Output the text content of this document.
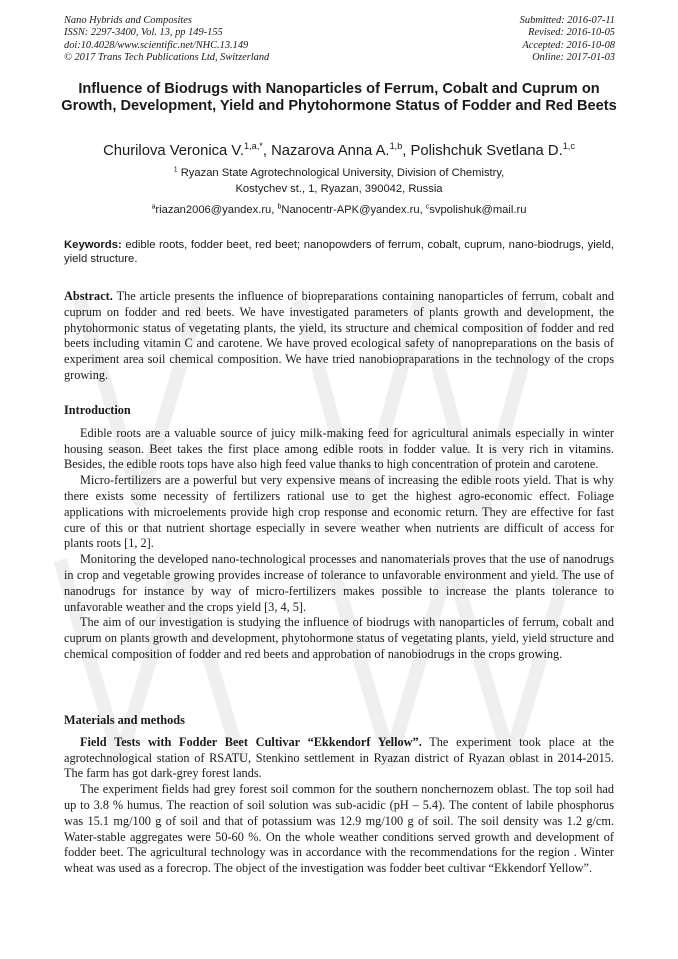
Nano Hybrids and Composites
ISSN: 2297-3400, Vol. 13, pp 149-155
doi:10.4028/www.scientific.net/NHC.13.149
© 2017 Trans Tech Publications Ltd, Switzerland
Submitted: 2016-07-11
Revised: 2016-10-05
Accepted: 2016-10-08
Online: 2017-01-03
Influence of Biodrugs with Nanoparticles of Ferrum, Cobalt and Cuprum on Growth, Development, Yield and Phytohormone Status of Fodder and Red Beets
Churilova Veronica V.$^{1,a,*}$, Nazarova Anna A.$^{1,b}$, Polishchuk Svetlana D.$^{1,c}$
$^1$ Ryazan State Agrotechnological University, Division of Chemistry,
Kostychev st., 1, Ryazan, 390042, Russia
$^a$riazan2006@yandex.ru, $^b$Nanocentr-APK@yandex.ru, $^c$svpolishuk@mail.ru

Keywords: edible roots, fodder beet, red beet; nanopowders of ferrum, cobalt, cuprum, nano-biodrugs, yield, yield structure.

Abstract. The article presents the influence of biopreparations containing nanoparticles of ferrum, cobalt and cuprum on fodder and red beets. We have investigated parameters of plants growth and development, the phytohormonic status of vegetating plants, the yield, its structure and chemical composition of fodder and red beets including vitamin C and carotene. We have proved ecological safety of nanopreparations on the basis of experiment area soil chemical composition. We have tried nanobiopraparations in the technology of the crops growing.

Introduction

Edible roots are a valuable source of juicy milk-making feed for agricultural animals especially in winter housing season. Beet takes the first place among edible roots in fodder value. It is very rich in vitamins. Besides, the edible roots tops have also high feed value thanks to high concentration of protein and carotene.

Micro-fertilizers are a powerful but very expensive means of increasing the edible roots yield. That is why there exists some necessity of fertilizers rational use to get the highest agro-economic effect. Foliage applications with microelements provide high crop response and economic return. They are effective for fast cure of this or that nutrient shortage especially in severe weather when nutrients are difficult of access for plants roots [1, 2].

Monitoring the developed nano-technological processes and nanomaterials proves that the use of nanodrugs in crop and vegetable growing provides increase of tolerance to unfavorable environment and yield. The use of nanodrugs for instance by way of micro-fertilizers makes possible to increase the plants tolerance to unfavorable weather and the crops yield [3, 4, 5].

The aim of our investigation is studying the influence of biodrugs with nanoparticles of ferrum, cobalt and cuprum on plants growth and development, phytohormone status of vegetating plants, yield, yield structure and chemical composition of fodder and red beets and approbation of nanobiodrugs in the crops growing.

Materials and methods

Field Tests with Fodder Beet Cultivar “Ekkendorf Yellow”. The experiment took place at the agrotechnological station of RSATU, Stenkino settlement in Ryazan district of Ryazan oblast in 2014-2015. The farm has got dark-grey forest lands.

The experiment fields had grey forest soil common for the southern nonchernozem oblast. The top soil had up to 3.8 % humus. The reaction of soil solution was sub-acidic (pH – 5.4). The content of labile phosphorus was 15.1 mg/100 g of soil and that of potassium was 12.9 mg/100 g of soil. The soil density was 1.2 g/cm. Water-stable aggregates were 50-60 %. On the whole weather conditions served growth and development of fodder beet. The agricultural technology was in accordance with the recommendations for the region . Winter wheat was used as a forecrop. The object of the investigation was fodder beet cultivar “Ekkendorf Yellow”.
